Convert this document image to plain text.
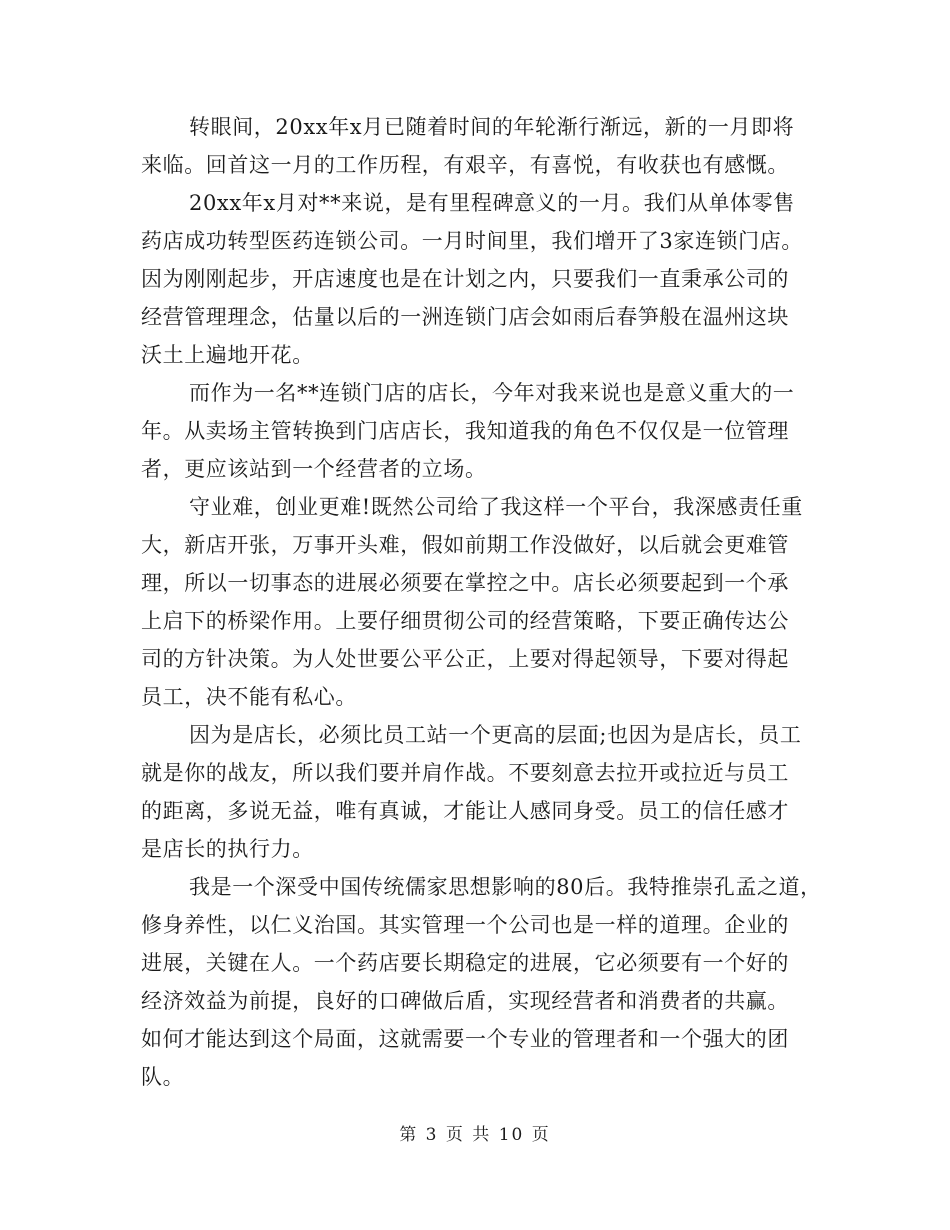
转眼间，20xx年x月已随着时间的年轮渐行渐远，新的一月即将
来临。回首这一月的工作历程，有艰辛，有喜悦，有收获也有感慨。
20xx年x月对**来说，是有里程碑意义的一月。我们从单体零售
药店成功转型医药连锁公司。一月时间里，我们增开了3家连锁门店。
因为刚刚起步，开店速度也是在计划之内，只要我们一直秉承公司的
经营管理理念，估量以后的一洲连锁门店会如雨后春笋般在温州这块
沃土上遍地开花。
而作为一名**连锁门店的店长，今年对我来说也是意义重大的一
年。从卖场主管转换到门店店长，我知道我的角色不仅仅是一位管理
者，更应该站到一个经营者的立场。
守业难，创业更难!既然公司给了我这样一个平台，我深感责任重
大，新店开张，万事开头难，假如前期工作没做好，以后就会更难管
理，所以一切事态的进展必须要在掌控之中。店长必须要起到一个承
上启下的桥梁作用。上要仔细贯彻公司的经营策略，下要正确传达公
司的方针决策。为人处世要公平公正，上要对得起领导，下要对得起
员工，决不能有私心。
因为是店长，必须比员工站一个更高的层面;也因为是店长，员工
就是你的战友，所以我们要并肩作战。不要刻意去拉开或拉近与员工
的距离，多说无益，唯有真诚，才能让人感同身受。员工的信任感才
是店长的执行力。
我是一个深受中国传统儒家思想影响的80后。我特推崇孔孟之道，
修身养性，以仁义治国。其实管理一个公司也是一样的道理。企业的
进展，关键在人。一个药店要长期稳定的进展，它必须要有一个好的
经济效益为前提，良好的口碑做后盾，实现经营者和消费者的共赢。
如何才能达到这个局面，这就需要一个专业的管理者和一个强大的团
队。
第 3 页 共 10 页
